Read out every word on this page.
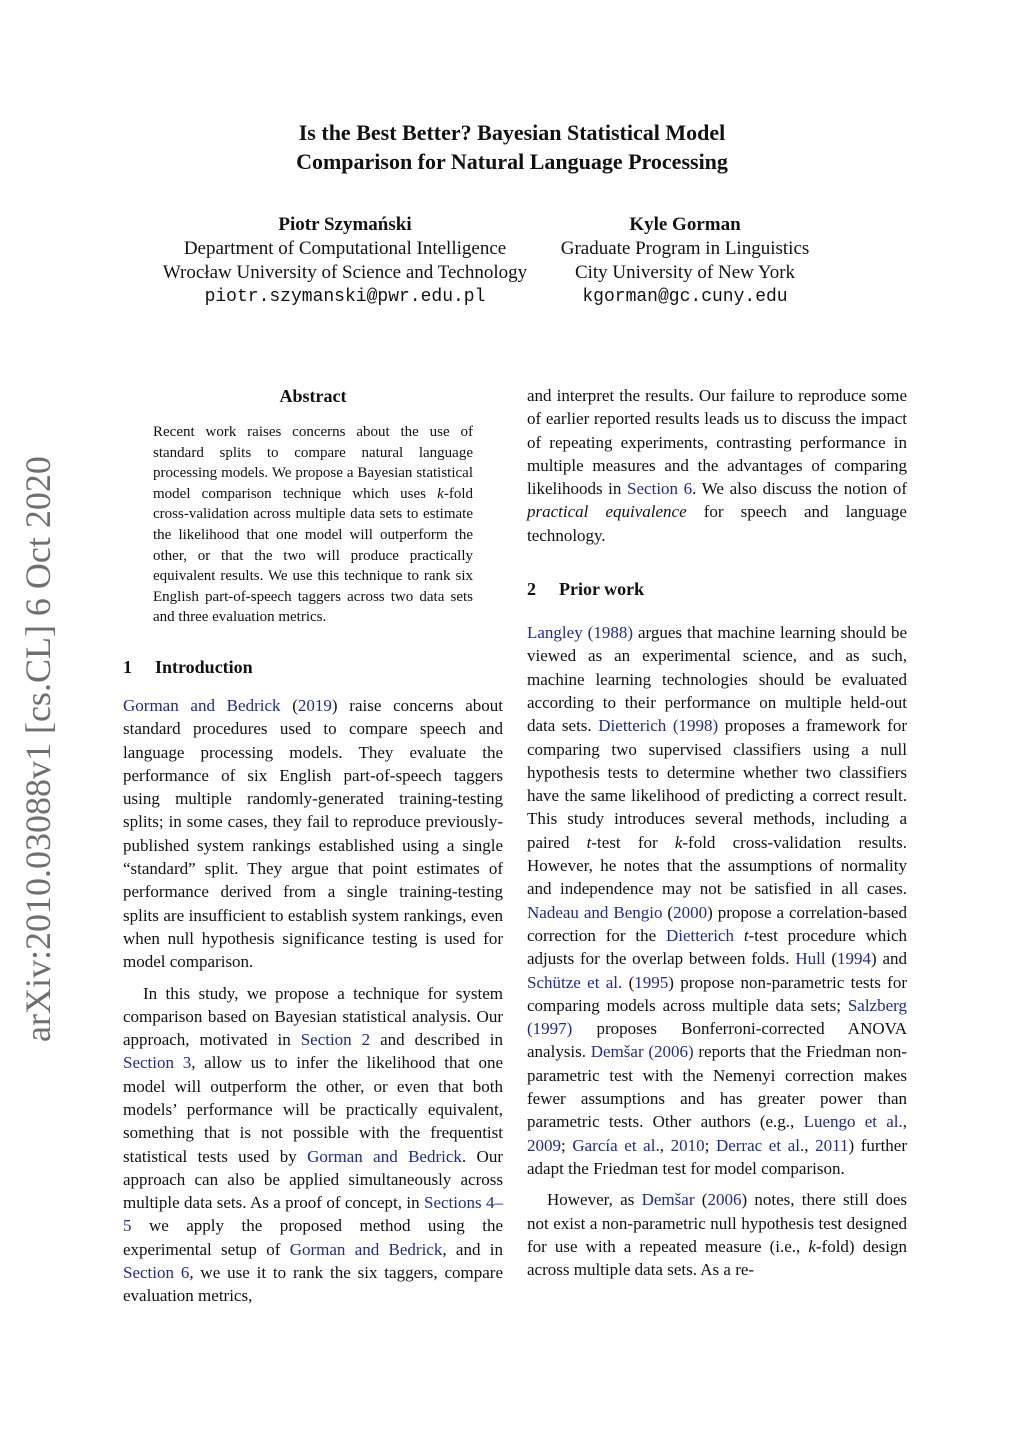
Is the Best Better? Bayesian Statistical Model
Comparison for Natural Language Processing
Piotr Szymański
Department of Computational Intelligence
Wrocław University of Science and Technology
piotr.szymanski@pwr.edu.pl
Kyle Gorman
Graduate Program in Linguistics
City University of New York
kgorman@gc.cuny.edu
arXiv:2010.03088v1 [cs.CL] 6 Oct 2020
Abstract
Recent work raises concerns about the use of standard splits to compare natural language processing models. We propose a Bayesian statistical model comparison technique which uses k-fold cross-validation across multiple data sets to estimate the likelihood that one model will outperform the other, or that the two will produce practically equivalent results. We use this technique to rank six English part-of-speech taggers across two data sets and three evaluation metrics.
1 Introduction

Gorman and Bedrick (2019) raise concerns about standard procedures used to compare speech and language processing models. They evaluate the performance of six English part-of-speech taggers using multiple randomly-generated training-testing splits; in some cases, they fail to reproduce previously-published system rankings established using a single “standard” split. They argue that point estimates of performance derived from a single training-testing splits are insufficient to establish system rankings, even when null hypothesis significance testing is used for model comparison.

In this study, we propose a technique for system comparison based on Bayesian statistical analysis. Our approach, motivated in Section 2 and described in Section 3, allow us to infer the likelihood that one model will outperform the other, or even that both models’ performance will be practically equivalent, something that is not possible with the frequentist statistical tests used by Gorman and Bedrick. Our approach can also be applied simultaneously across multiple data sets. As a proof of concept, in Sections 4–5 we apply the proposed method using the experimental setup of Gorman and Bedrick, and in Section 6, we use it to rank the six taggers, compare evaluation metrics,

and interpret the results. Our failure to reproduce some of earlier reported results leads us to discuss the impact of repeating experiments, contrasting performance in multiple measures and the advantages of comparing likelihoods in Section 6. We also discuss the notion of practical equivalence for speech and language technology.

2 Prior work

Langley (1988) argues that machine learning should be viewed as an experimental science, and as such, machine learning technologies should be evaluated according to their performance on multiple held-out data sets. Dietterich (1998) proposes a framework for comparing two supervised classifiers using a null hypothesis tests to determine whether two classifiers have the same likelihood of predicting a correct result. This study introduces several methods, including a paired t-test for k-fold cross-validation results. However, he notes that the assumptions of normality and independence may not be satisfied in all cases. Nadeau and Bengio (2000) propose a correlation-based correction for the Dietterich t-test procedure which adjusts for the overlap between folds. Hull (1994) and Schütze et al. (1995) propose non-parametric tests for comparing models across multiple data sets; Salzberg (1997) proposes Bonferroni-corrected ANOVA analysis. Demšar (2006) reports that the Friedman non-parametric test with the Nemenyi correction makes fewer assumptions and has greater power than parametric tests. Other authors (e.g., Luengo et al., 2009; García et al., 2010; Derrac et al., 2011) further adapt the Friedman test for model comparison.

However, as Demšar (2006) notes, there still does not exist a non-parametric null hypothesis test designed for use with a repeated measure (i.e., k-fold) design across multiple data sets. As a re-
